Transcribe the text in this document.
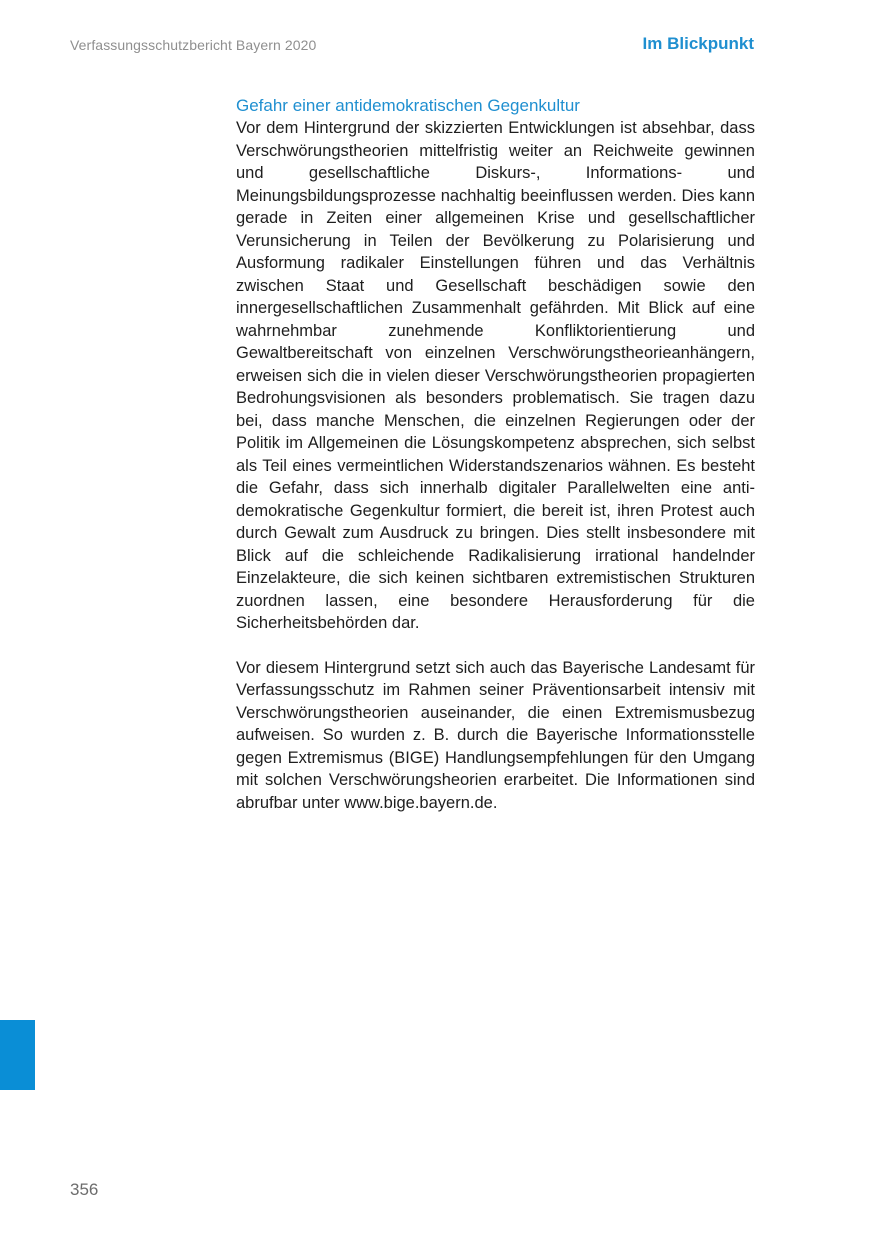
Verfassungsschutzbericht Bayern 2020	Im Blickpunkt
Gefahr einer antidemokratischen Gegenkultur

Vor dem Hintergrund der skizzierten Entwicklungen ist absehbar, dass Verschwörungstheorien mittelfristig weiter an Reichweite gewinnen und gesellschaftliche Diskurs-, Informations- und Meinungsbildungsprozesse nachhaltig beeinflussen werden. Dies kann gerade in Zeiten einer allgemeinen Krise und gesellschaftlicher Verunsicherung in Teilen der Bevölkerung zu Polarisierung und Ausformung radikaler Einstellungen führen und das Verhältnis zwischen Staat und Gesellschaft beschädigen sowie den innergesellschaftlichen Zusammenhalt gefährden. Mit Blick auf eine wahrnehmbar zunehmende Konfliktorientierung und Gewaltbereitschaft von einzelnen Verschwörungstheorieanhängern, erweisen sich die in vielen dieser Verschwörungstheorien propagierten Bedrohungsvisionen als besonders problematisch. Sie tragen dazu bei, dass manche Menschen, die einzelnen Regierungen oder der Politik im Allgemeinen die Lösungskompetenz absprechen, sich selbst als Teil eines vermeintlichen Widerstandszenarios wähnen. Es besteht die Gefahr, dass sich innerhalb digitaler Parallelwelten eine antidemokratische Gegenkultur formiert, die bereit ist, ihren Protest auch durch Gewalt zum Ausdruck zu bringen. Dies stellt insbesondere mit Blick auf die schleichende Radikalisierung irrational handelnder Einzelakteure, die sich keinen sichtbaren extremistischen Strukturen zuordnen lassen, eine besondere Herausforderung für die Sicherheitsbehörden dar.

Vor diesem Hintergrund setzt sich auch das Bayerische Landesamt für Verfassungsschutz im Rahmen seiner Präventionsarbeit intensiv mit Verschwörungstheorien auseinander, die einen Extremismusbezug aufweisen. So wurden z. B. durch die Bayerische Informationsstelle gegen Extremismus (BIGE) Handlungsempfehlungen für den Umgang mit solchen Verschwörungsheorien erarbeitet. Die Informationen sind abrufbar unter www.bige.bayern.de.

356
